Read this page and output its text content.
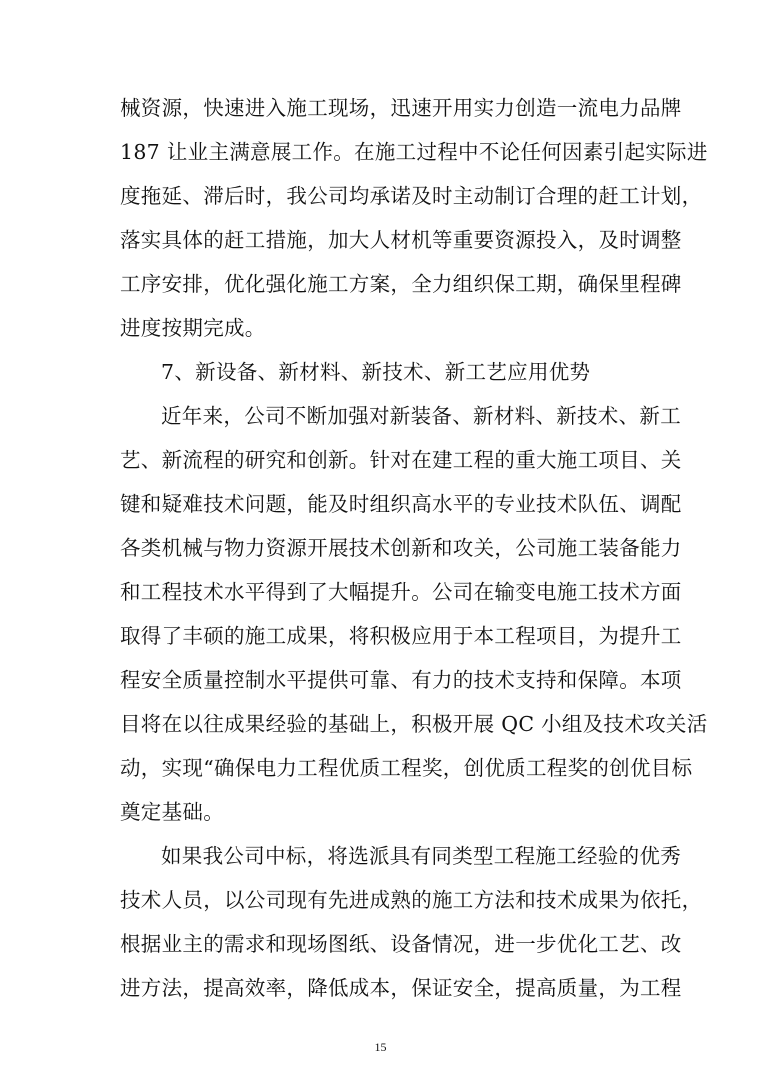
械资源，快速进入施工现场，迅速开用实力创造一流电力品牌
187 让业主满意展工作。在施工过程中不论任何因素引起实际进
度拖延、滞后时，我公司均承诺及时主动制订合理的赶工计划，
落实具体的赶工措施，加大人材机等重要资源投入，及时调整
工序安排，优化强化施工方案，全力组织保工期，确保里程碑
进度按期完成。
7、新设备、新材料、新技术、新工艺应用优势
近年来，公司不断加强对新装备、新材料、新技术、新工
艺、新流程的研究和创新。针对在建工程的重大施工项目、关
键和疑难技术问题，能及时组织高水平的专业技术队伍、调配
各类机械与物力资源开展技术创新和攻关，公司施工装备能力
和工程技术水平得到了大幅提升。公司在输变电施工技术方面
取得了丰硕的施工成果，将积极应用于本工程项目，为提升工
程安全质量控制水平提供可靠、有力的技术支持和保障。本项
目将在以往成果经验的基础上，积极开展 QC 小组及技术攻关活
动，实现“确保电力工程优质工程奖，创优质工程奖的创优目标
奠定基础。
如果我公司中标，将选派具有同类型工程施工经验的优秀
技术人员，以公司现有先进成熟的施工方法和技术成果为依托，
根据业主的需求和现场图纸、设备情况，进一步优化工艺、改
进方法，提高效率，降低成本，保证安全，提高质量，为工程
15
